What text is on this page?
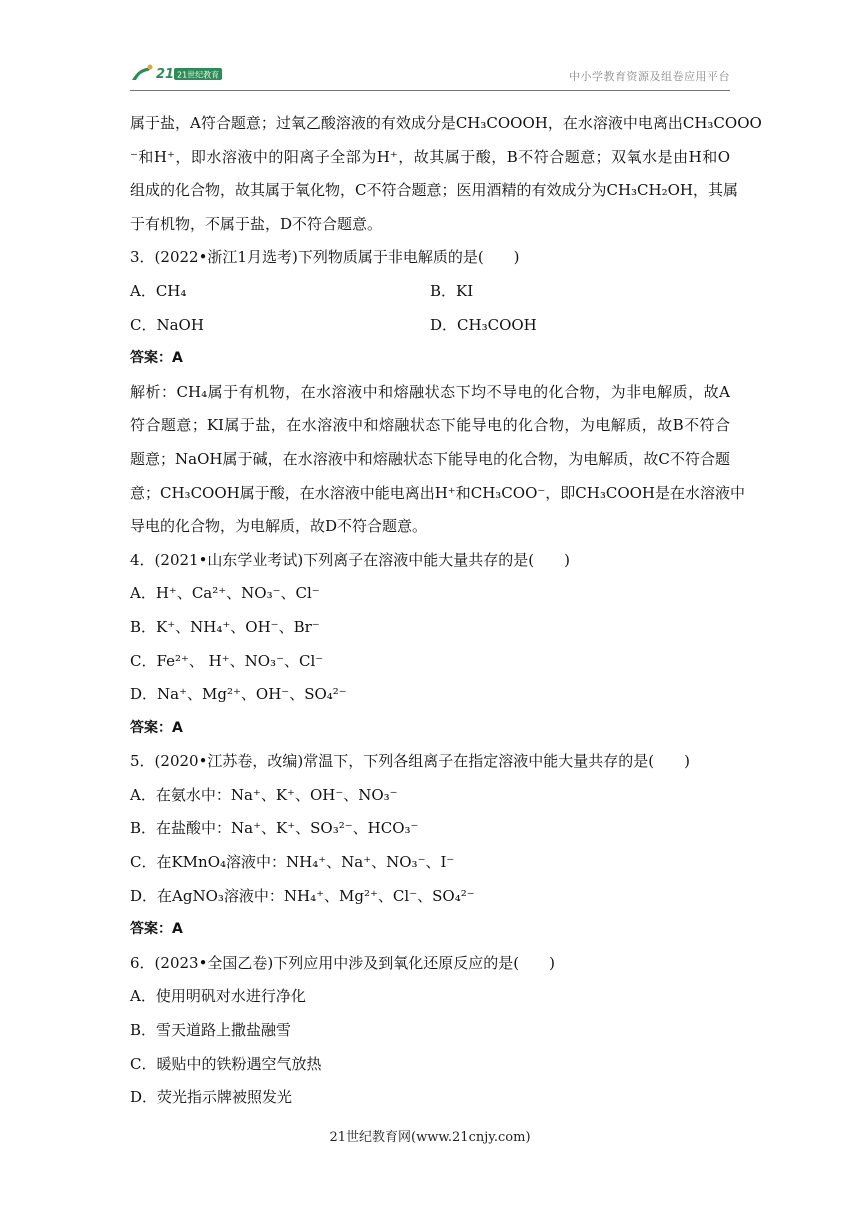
21 21世纪教育	中小学教育资源及组卷应用平台

属于盐，A符合题意；过氧乙酸溶液的有效成分是CH₃COOOH，在水溶液中电离出CH₃COOO

⁻和H⁺，即水溶液中的阳离子全部为H⁺，故其属于酸，B不符合题意；双氧水是由H和O

组成的化合物，故其属于氧化物，C不符合题意；医用酒精的有效成分为CH₃CH₂OH，其属

于有机物，不属于盐，D不符合题意。

3．(2022•浙江1月选考)下列物质属于非电解质的是(　　)

A．CH₄	B．KI
C．NaOH	D．CH₃COOH

答案：A

解析：CH₄属于有机物，在水溶液中和熔融状态下均不导电的化合物，为非电解质，故A

符合题意；KI属于盐，在水溶液中和熔融状态下能导电的化合物，为电解质，故B不符合

题意；NaOH属于碱，在水溶液中和熔融状态下能导电的化合物，为电解质，故C不符合题

意；CH₃COOH属于酸，在水溶液中能电离出H⁺和CH₃COO⁻，即CH₃COOH是在水溶液中

导电的化合物，为电解质，故D不符合题意。

4．(2021•山东学业考试)下列离子在溶液中能大量共存的是(　　)

A．H⁺、Ca²⁺、NO₃⁻、Cl⁻

B．K⁺、NH₄⁺、OH⁻、Br⁻

C．Fe²⁺、 H⁺、NO₃⁻、Cl⁻

D．Na⁺、Mg²⁺、OH⁻、SO₄²⁻

答案：A

5．(2020•江苏卷，改编)常温下，下列各组离子在指定溶液中能大量共存的是(　　)

A．在氨水中：Na⁺、K⁺、OH⁻、NO₃⁻

B．在盐酸中：Na⁺、K⁺、SO₃²⁻、HCO₃⁻

C．在KMnO₄溶液中：NH₄⁺、Na⁺、NO₃⁻、I⁻

D．在AgNO₃溶液中：NH₄⁺、Mg²⁺、Cl⁻、SO₄²⁻

答案：A

6．(2023•全国乙卷)下列应用中涉及到氧化还原反应的是(　　)

A．使用明矾对水进行净化

B．雪天道路上撒盐融雪

C．暖贴中的铁粉遇空气放热

D．荧光指示牌被照发光

21世纪教育网(www.21cnjy.com)
